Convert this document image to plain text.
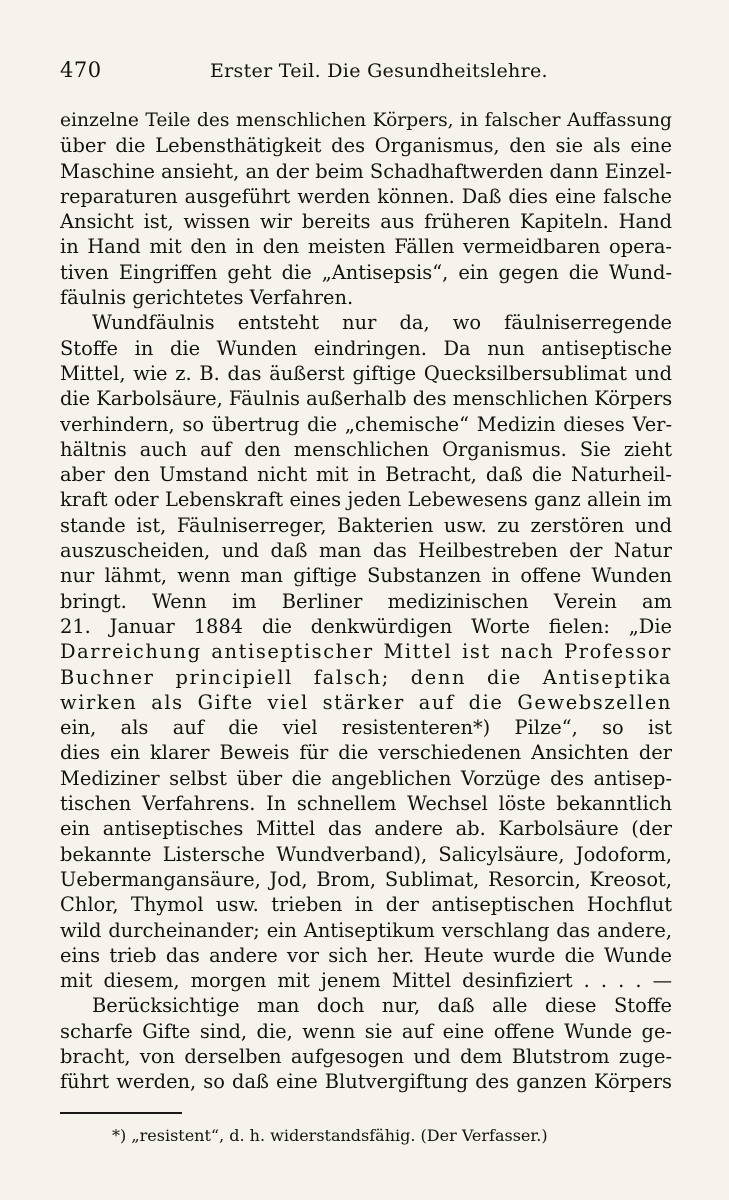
470	Erster Teil. Die Gesundheitslehre.
einzelne Teile des menschlichen Körpers, in falscher Auffassung
über die Lebensthätigkeit des Organismus, den sie als eine
Maschine ansieht, an der beim Schadhaftwerden dann Einzel-
reparaturen ausgeführt werden können. Daß dies eine falsche
Ansicht ist, wissen wir bereits aus früheren Kapiteln. Hand
in Hand mit den in den meisten Fällen vermeidbaren opera-
tiven Eingriffen geht die „Antisepsis“, ein gegen die Wund-
fäulnis gerichtetes Verfahren.
Wundfäulnis entsteht nur da, wo fäulniserregende
Stoffe in die Wunden eindringen. Da nun antiseptische
Mittel, wie z. B. das äußerst giftige Quecksilbersublimat und
die Karbolsäure, Fäulnis außerhalb des menschlichen Körpers
verhindern, so übertrug die „chemische“ Medizin dieses Ver-
hältnis auch auf den menschlichen Organismus. Sie zieht
aber den Umstand nicht mit in Betracht, daß die Naturheil-
kraft oder Lebenskraft eines jeden Lebewesens ganz allein im
stande ist, Fäulniserreger, Bakterien usw. zu zerstören und
auszuscheiden, und daß man das Heilbestreben der Natur
nur lähmt, wenn man giftige Substanzen in offene Wunden
bringt. Wenn im Berliner medizinischen Verein am
21. Januar 1884 die denkwürdigen Worte fielen: „Die
Darreichung antiseptischer Mittel ist nach Professor
Buchner principiell falsch; denn die Antiseptika
wirken als Gifte viel stärker auf die Gewebszellen
ein, als auf die viel resistenteren*) Pilze“, so ist
dies ein klarer Beweis für die verschiedenen Ansichten der
Mediziner selbst über die angeblichen Vorzüge des antisep-
tischen Verfahrens. In schnellem Wechsel löste bekanntlich
ein antiseptisches Mittel das andere ab. Karbolsäure (der
bekannte Listersche Wundverband), Salicylsäure, Jodoform,
Uebermangansäure, Jod, Brom, Sublimat, Resorcin, Kreosot,
Chlor, Thymol usw. trieben in der antiseptischen Hochflut
wild durcheinander; ein Antiseptikum verschlang das andere,
eins trieb das andere vor sich her. Heute wurde die Wunde
mit diesem, morgen mit jenem Mittel desinfiziert . . . . —
Berücksichtige man doch nur, daß alle diese Stoffe
scharfe Gifte sind, die, wenn sie auf eine offene Wunde ge-
bracht, von derselben aufgesogen und dem Blutstrom zuge-
führt werden, so daß eine Blutvergiftung des ganzen Körpers
*) „resistent“, d. h. widerstandsfähig. (Der Verfasser.)
